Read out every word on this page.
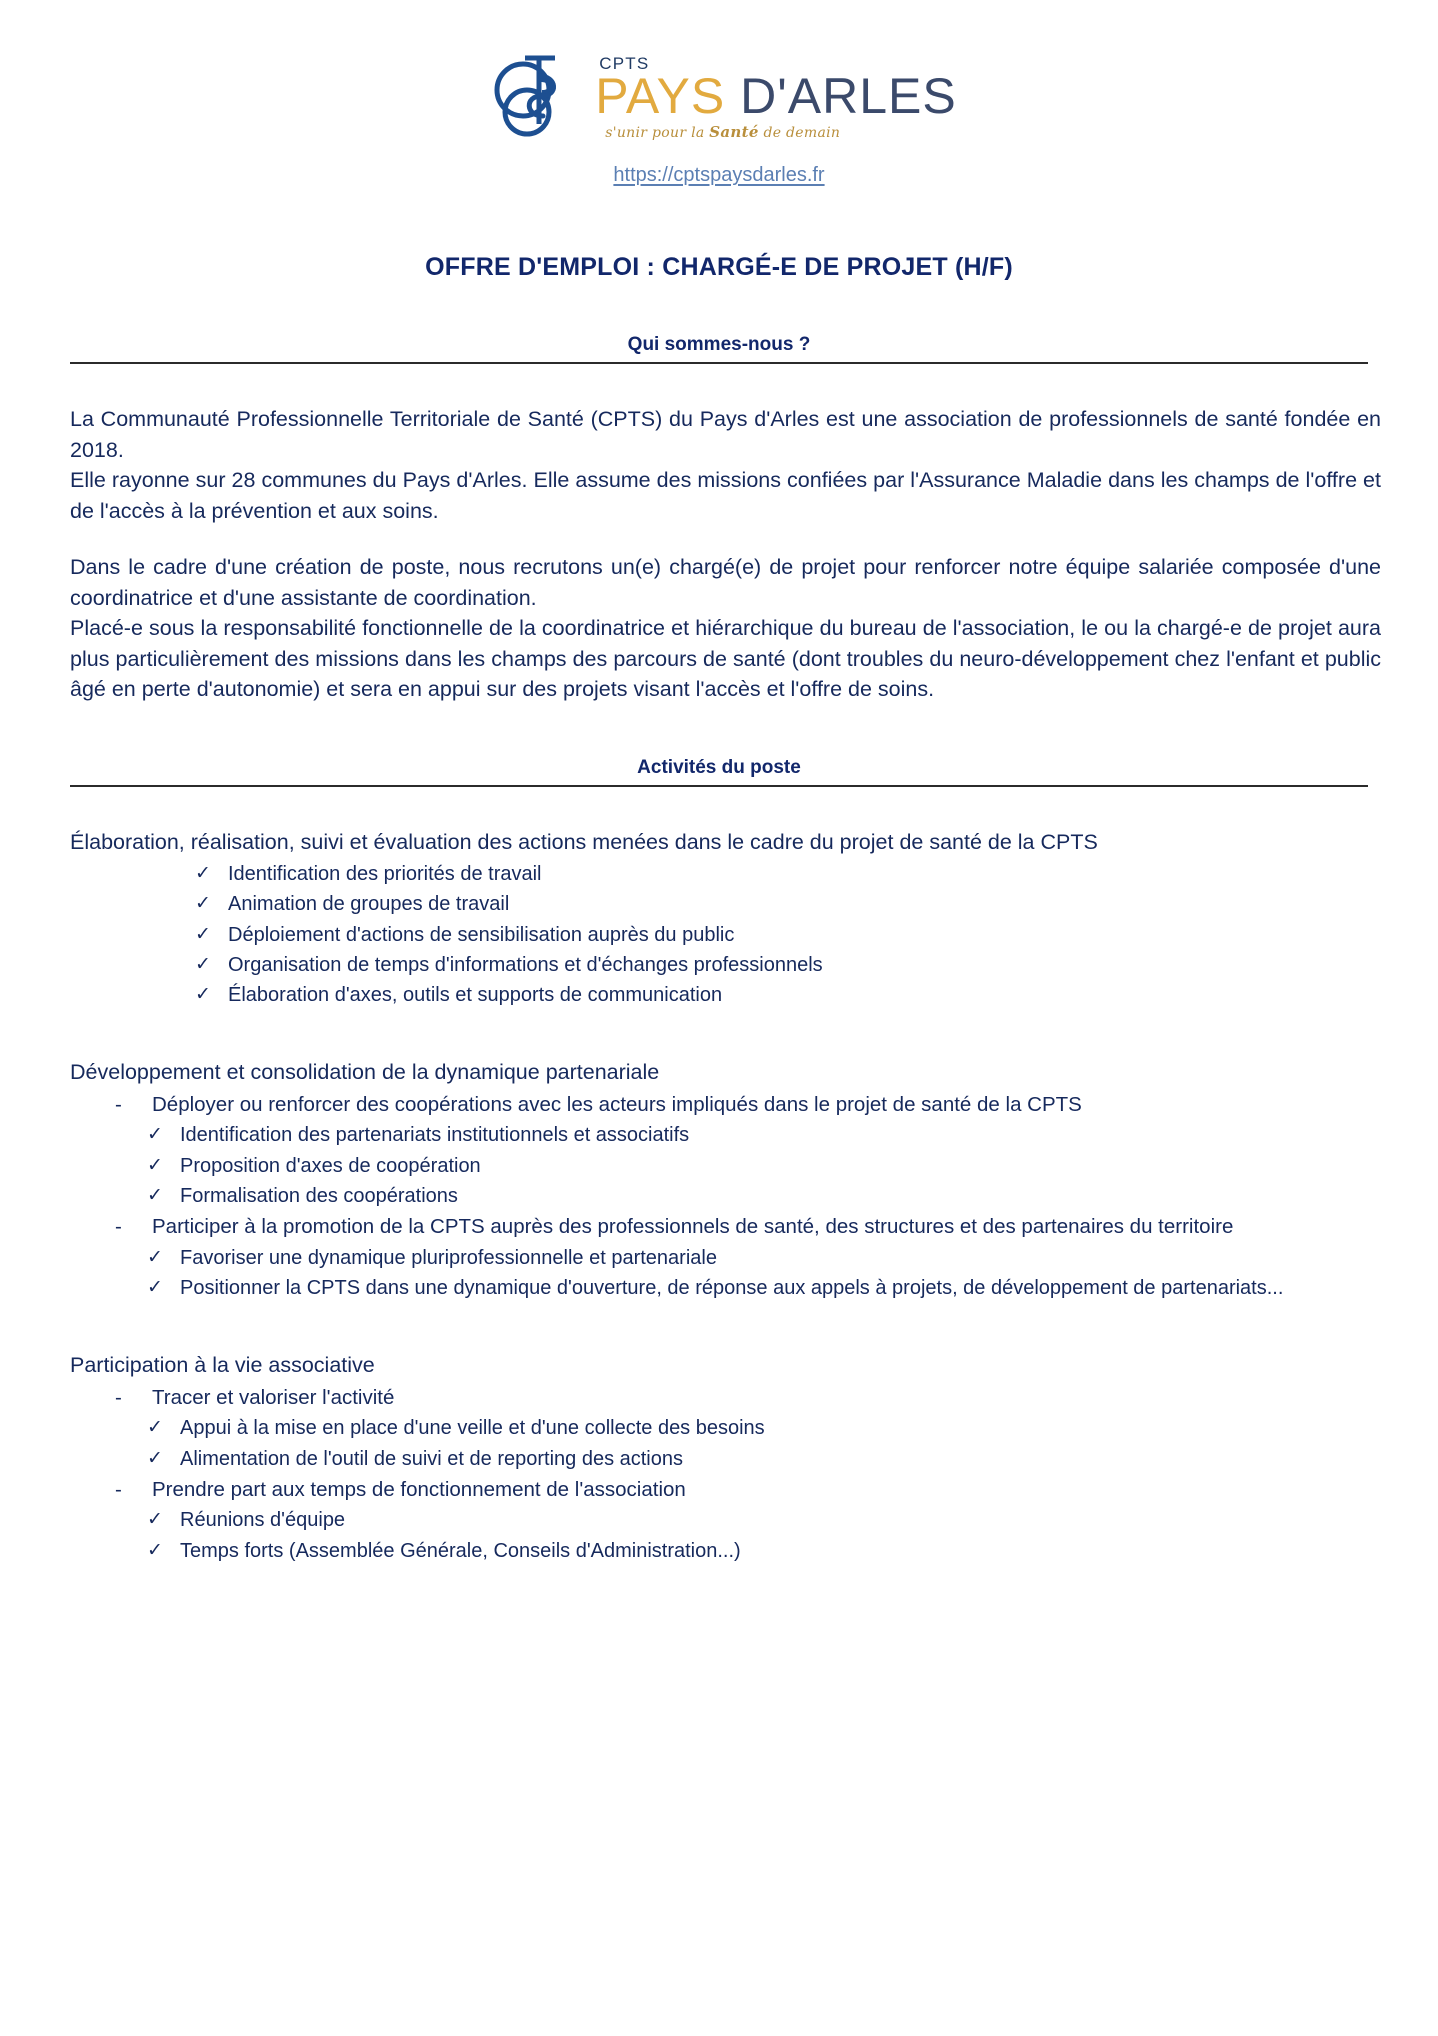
CPTS
PAYS D'ARLES
s'unir pour la Santé de demain
https://cptspaysdarles.fr
OFFRE D'EMPLOI : CHARGÉ-E DE PROJET (H/F)
Qui sommes-nous ?

La Communauté Professionnelle Territoriale de Santé (CPTS) du Pays d'Arles est une association de professionnels de santé fondée en 2018.

Elle rayonne sur 28 communes du Pays d'Arles. Elle assume des missions confiées par l'Assurance Maladie dans les champs de l'offre et de l'accès à la prévention et aux soins.

Dans le cadre d'une création de poste, nous recrutons un(e) chargé(e) de projet pour renforcer notre équipe salariée composée d'une coordinatrice et d'une assistante de coordination.

Placé-e sous la responsabilité fonctionnelle de la coordinatrice et hiérarchique du bureau de l'association, le ou la chargé-e de projet aura plus particulièrement des missions dans les champs des parcours de santé (dont troubles du neuro-développement chez l'enfant et public âgé en perte d'autonomie) et sera en appui sur des projets visant l'accès et l'offre de soins.

Activités du poste

Élaboration, réalisation, suivi et évaluation des actions menées dans le cadre du projet de santé de la CPTS

✓ Identification des priorités de travail
✓ Animation de groupes de travail
✓ Déploiement d'actions de sensibilisation auprès du public
✓ Organisation de temps d'informations et d'échanges professionnels
✓ Élaboration d'axes, outils et supports de communication

Développement et consolidation de la dynamique partenariale

-	Déployer ou renforcer des coopérations avec les acteurs impliqués dans le projet de santé de la CPTS
✓ Identification des partenariats institutionnels et associatifs
✓ Proposition d'axes de coopération
✓ Formalisation des coopérations
-	Participer à la promotion de la CPTS auprès des professionnels de santé, des structures et des partenaires du territoire
✓ Favoriser une dynamique pluriprofessionnelle et partenariale
✓ Positionner la CPTS dans une dynamique d'ouverture, de réponse aux appels à projets, de développement de partenariats...

Participation à la vie associative

-	Tracer et valoriser l'activité
✓ Appui à la mise en place d'une veille et d'une collecte des besoins
✓ Alimentation de l'outil de suivi et de reporting des actions
-	Prendre part aux temps de fonctionnement de l'association
✓ Réunions d'équipe
✓ Temps forts (Assemblée Générale, Conseils d'Administration...)
